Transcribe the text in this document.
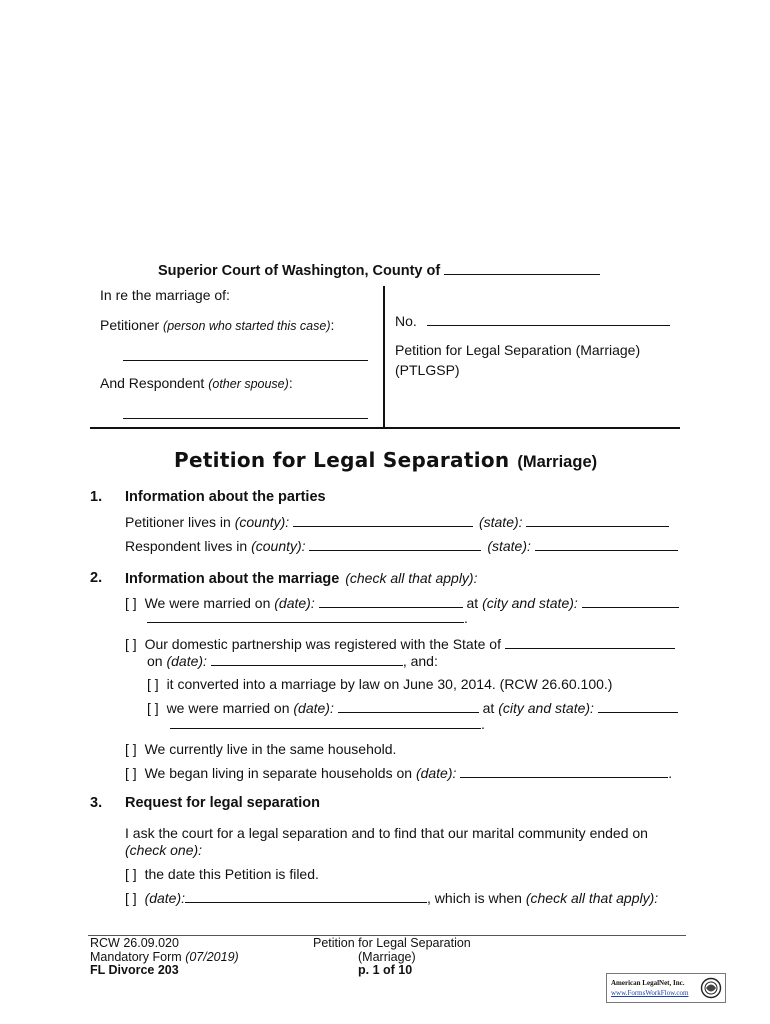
Superior Court of Washington, County of
In re the marriage of:
Petitioner (person who started this case):
And Respondent (other spouse):
No.
Petition for Legal Separation (Marriage)
(PTLGSP)
Petition for Legal Separation (Marriage)
1. Information about the parties
Petitioner lives in (county):	(state):
Respondent lives in (county):	(state):
2. Information about the marriage (check all that apply):
[ ] We were married on (date):	at (city and state):
.
[ ] Our domestic partnership was registered with the State of
on (date):	, and:
[ ] it converted into a marriage by law on June 30, 2014. (RCW 26.60.100.)
[ ] we were married on (date):	at (city and state):
.
[ ] We currently live in the same household.
[ ] We began living in separate households on (date):	.
3. Request for legal separation
I ask the court for a legal separation and to find that our marital community ended on
(check one):
[ ] the date this Petition is filed.
[ ] (date):	, which is when (check all that apply):
RCW 26.09.020
Mandatory Form (07/2019)
FL Divorce 203
Petition for Legal Separation
(Marriage)
p. 1 of 10
American LegalNet, Inc.
www.FormsWorkFlow.com
